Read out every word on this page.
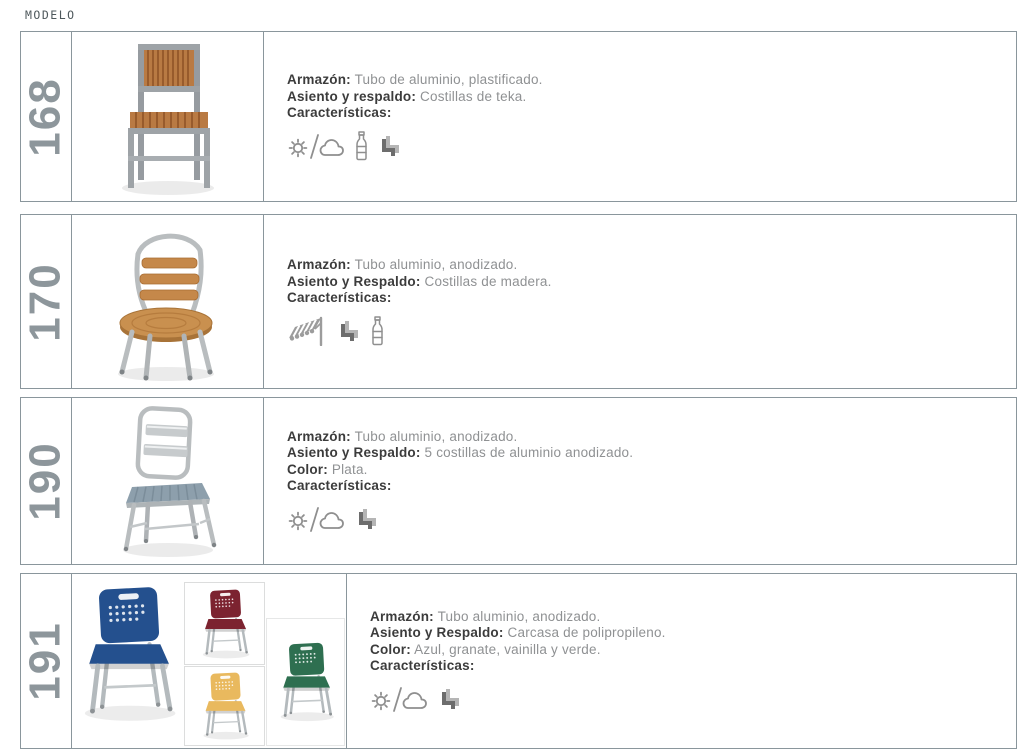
MODELO
168	Armazón: Tubo de aluminio, plastificado.
Asiento y respaldo: Costillas de teka.
Características:
170	Armazón: Tubo aluminio, anodizado.
Asiento y Respaldo: Costillas de madera.
Características:
190
Armazón: Tubo aluminio, anodizado.
Asiento y Respaldo: 5 costillas de aluminio anodizado.
Color: Plata.
Características:
191
Armazón: Tubo aluminio, anodizado.
Asiento y Respaldo: Carcasa de polipropileno.
Color: Azul, granate, vainilla y verde.
Características:
